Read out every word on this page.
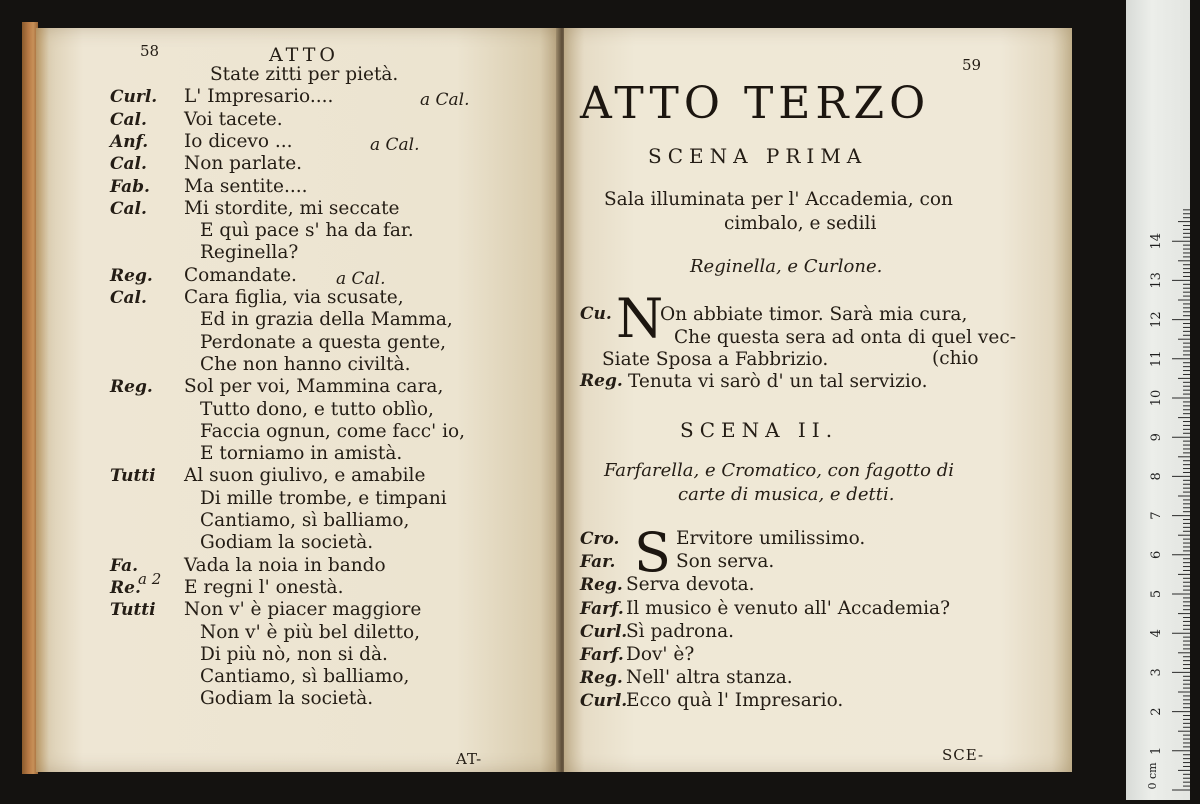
58	ATTO
State zitti per pietà.
Curl. L' Impresario....	a Cal.
Cal. Voi tacete.
Anf. Io dicevo ...	a Cal.
Cal. Non parlate.
Fab. Ma sentite....
Cal. Mi stordite, mi seccate
E quì pace s' ha da far.
Reginella?
Reg. Comandate. a Cal.
Cal. Cara figlia, via scusate,
Ed in grazia della Mamma,
Perdonate a questa gente,
Che non hanno civiltà.
Reg. Sol per voi, Mammina cara,
Tutto dono, e tutto oblìo,
Faccia ognun, come facc' io,
E torniamo in amistà.
Tutti Al suon giulivo, e amabile
Di mille trombe, e timpani
Cantiamo, sì balliamo,
Godiam la società.
Fa. Vada la noia in bando
Re. E regni l' onestà.
Tutti Non v' è piacer maggiore
Non v' è più bel diletto,
Di più nò, non si dà.
Cantiamo, sì balliamo,
Godiam la società.
a 2
AT-
59
ATTO TERZO
SCENA PRIMA
Sala illuminata per l' Accademia, con
cimbalo, e sedili
Reginella, e Curlone.
Cu. N
On abbiate timor. Sarà mia cura,
Che questa sera ad onta di quel vec-
Siate Sposa a Fabbrizio.	(chio
Reg. Tenuta vi sarò d' un tal servizio.
SCENA II.
Farfarella, e Cromatico, con fagotto di
carte di musica, e detti.
S
Cro.	Ervitore umilissimo.
Far.	Son serva.
Reg. Serva devota.
Farf. Il musico è venuto all' Accademia?
Curl.
Sì padrona.
Farf. Dov' è?
Reg. Nell' altra stanza.
Curl.
Ecco quà l' Impresario.
SCE-	1
2
3
4
5
6
7
8
9
10
11
12
13
14
0 cm
